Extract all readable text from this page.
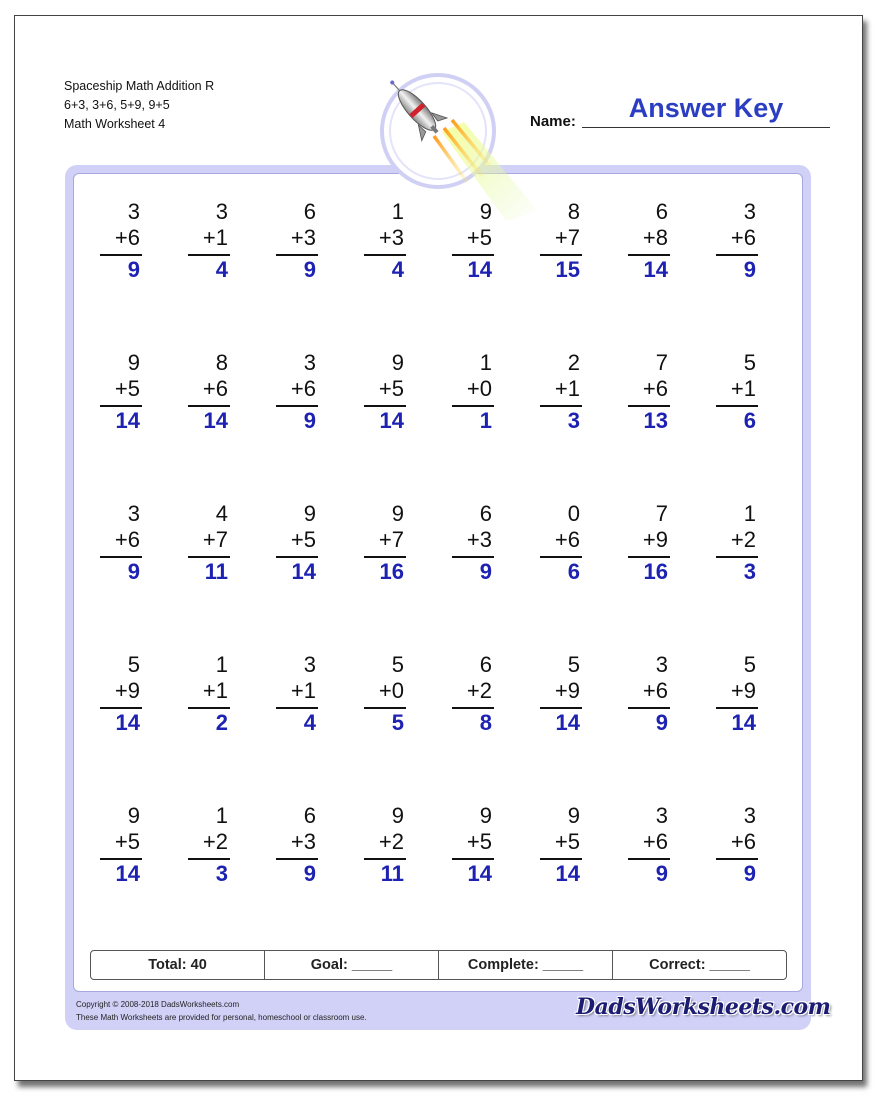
Spaceship Math Addition R
6+3, 3+6, 5+9, 9+5
Math Worksheet 4	Name:	Answer Key
3
+6
9
3
+1
4
6
+3
9
1
+3
4
9
+5
14
8
+7
15
6
+8
14
3
+6
9
9
+5
14
8
+6
14
3
+6
9
9
+5
14
1
+0
1
2
+1
3
7
+6
13
5
+1
6
3
+6
9
4
+7
11
9
+5
14
9
+7
16
6
+3
9
0
+6
6
7
+9
16
1
+2
3
5
+9
14
1
+1
2
3
+1
4
5
+0
5
6
+2
8
5
+9
14
3
+6
9
5
+9
14
9
+5
14
1
+2
3
6
+3
9
9
+2
11
9
+5
14
9
+5
14
3
+6
9
3
+6
9
Total: 40	Goal: _____	Complete: _____	Correct: _____
Copyright © 2008-2018 DadsWorksheets.com
These Math Worksheets are provided for personal, homeschool or classroom use.	DadsWorksheets.com
